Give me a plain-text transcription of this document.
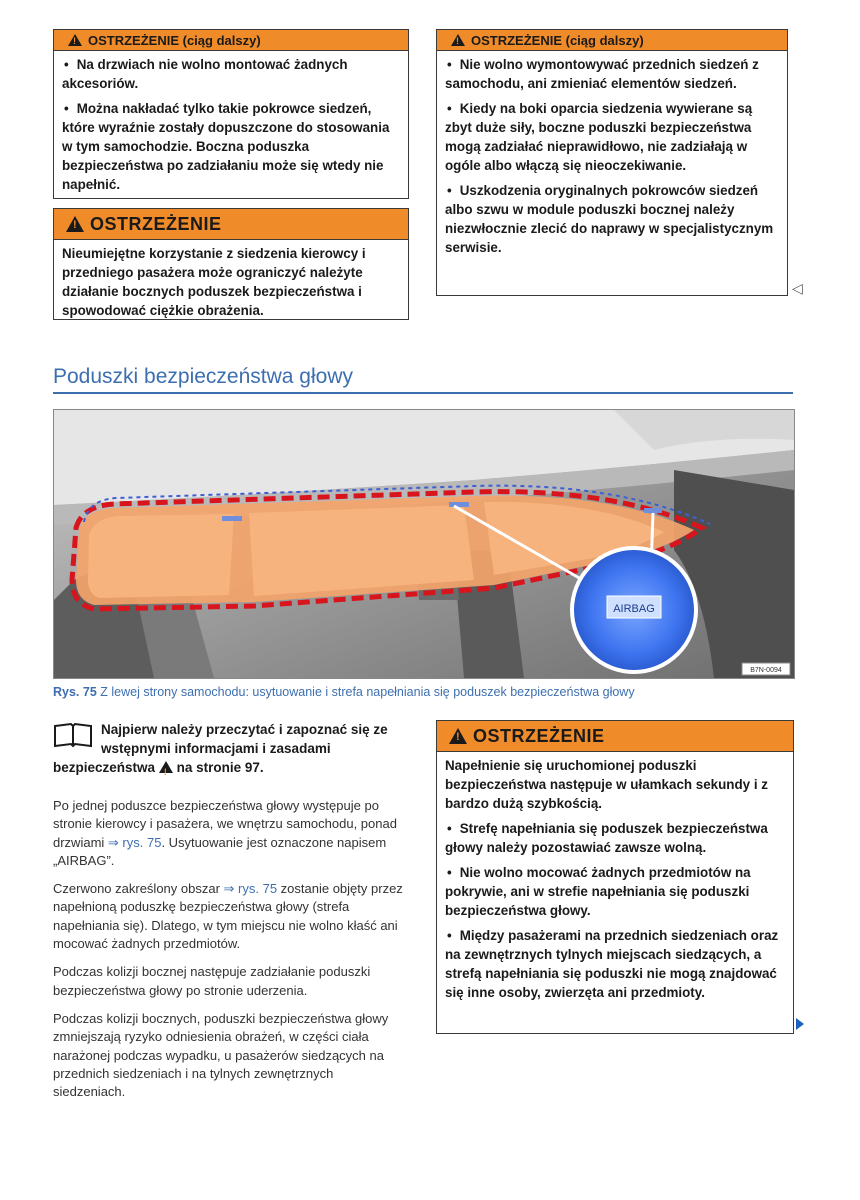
!
OSTRZEŻENIE (ciąg dalszy)

• Na drzwiach nie wolno montować żadnych akcesoriów.

• Można nakładać tylko takie pokrowce siedzeń, które wyraźnie zostały dopuszczone do stosowania w tym samochodzie. Boczna poduszka bezpieczeństwa po zadziałaniu może się wtedy nie napełnić.

!
OSTRZEŻENIE

Nieumiejętne korzystanie z siedzenia kierowcy i przedniego pasażera może ograniczyć należyte działanie bocznych poduszek bezpieczeństwa i spowodować ciężkie obrażenia.

!
OSTRZEŻENIE (ciąg dalszy)

• Nie wolno wymontowywać przednich siedzeń z samochodu, ani zmieniać elementów siedzeń.

• Kiedy na boki oparcia siedzenia wywierane są zbyt duże siły, boczne poduszki bezpieczeństwa mogą zadziałać nieprawidłowo, nie zadziałają w ogóle albo włączą się nieoczekiwanie.

• Uszkodzenia oryginalnych pokrowców siedzeń albo szwu w module poduszki bocznej należy niezwłocznie zlecić do naprawy w specjalistycznym serwisie.

◁
Poduszki bezpieczeństwa głowy
AIRBAG
B7N-0094
Rys. 75 Z lewej strony samochodu: usytuowanie i strefa napełniania się poduszek bezpieczeństwa głowy
Najpierw należy przeczytać i zapoznać się ze wstępnymi informacjami i zasadami bezpieczeństwa ! na stronie 97.

Po jednej poduszce bezpieczeństwa głowy występuje po stronie kierowcy i pasażera, we wnętrzu samochodu, ponad drzwiami ⇒ rys. 75. Usytuowanie jest oznaczone napisem „AIRBAG”.

Czerwono zakreślony obszar ⇒ rys. 75 zostanie objęty przez napełnioną poduszkę bezpieczeństwa głowy (strefa napełniania się). Dlatego, w tym miejscu nie wolno kłaść ani mocować żadnych przedmiotów.

Podczas kolizji bocznej następuje zadziałanie poduszki bezpieczeństwa głowy po stronie uderzenia.

Podczas kolizji bocznych, poduszki bezpieczeństwa głowy zmniejszają ryzyko odniesienia obrażeń, w części ciała narażonej podczas wypadku, u pasażerów siedzących na przednich siedzeniach i na tylnych zewnętrznych siedzeniach.

!
OSTRZEŻENIE

Napełnienie się uruchomionej poduszki bezpieczeństwa następuje w ułamkach sekundy i z bardzo dużą szybkością.

• Strefę napełniania się poduszek bezpieczeństwa głowy należy pozostawiać zawsze wolną.

• Nie wolno mocować żadnych przedmiotów na pokrywie, ani w strefie napełniania się poduszki bezpieczeństwa głowy.

• Między pasażerami na przednich siedzeniach oraz na zewnętrznych tylnych miejscach siedzących, a strefą napełniania się poduszki nie mogą znajdować się inne osoby, zwierzęta ani przedmioty.
